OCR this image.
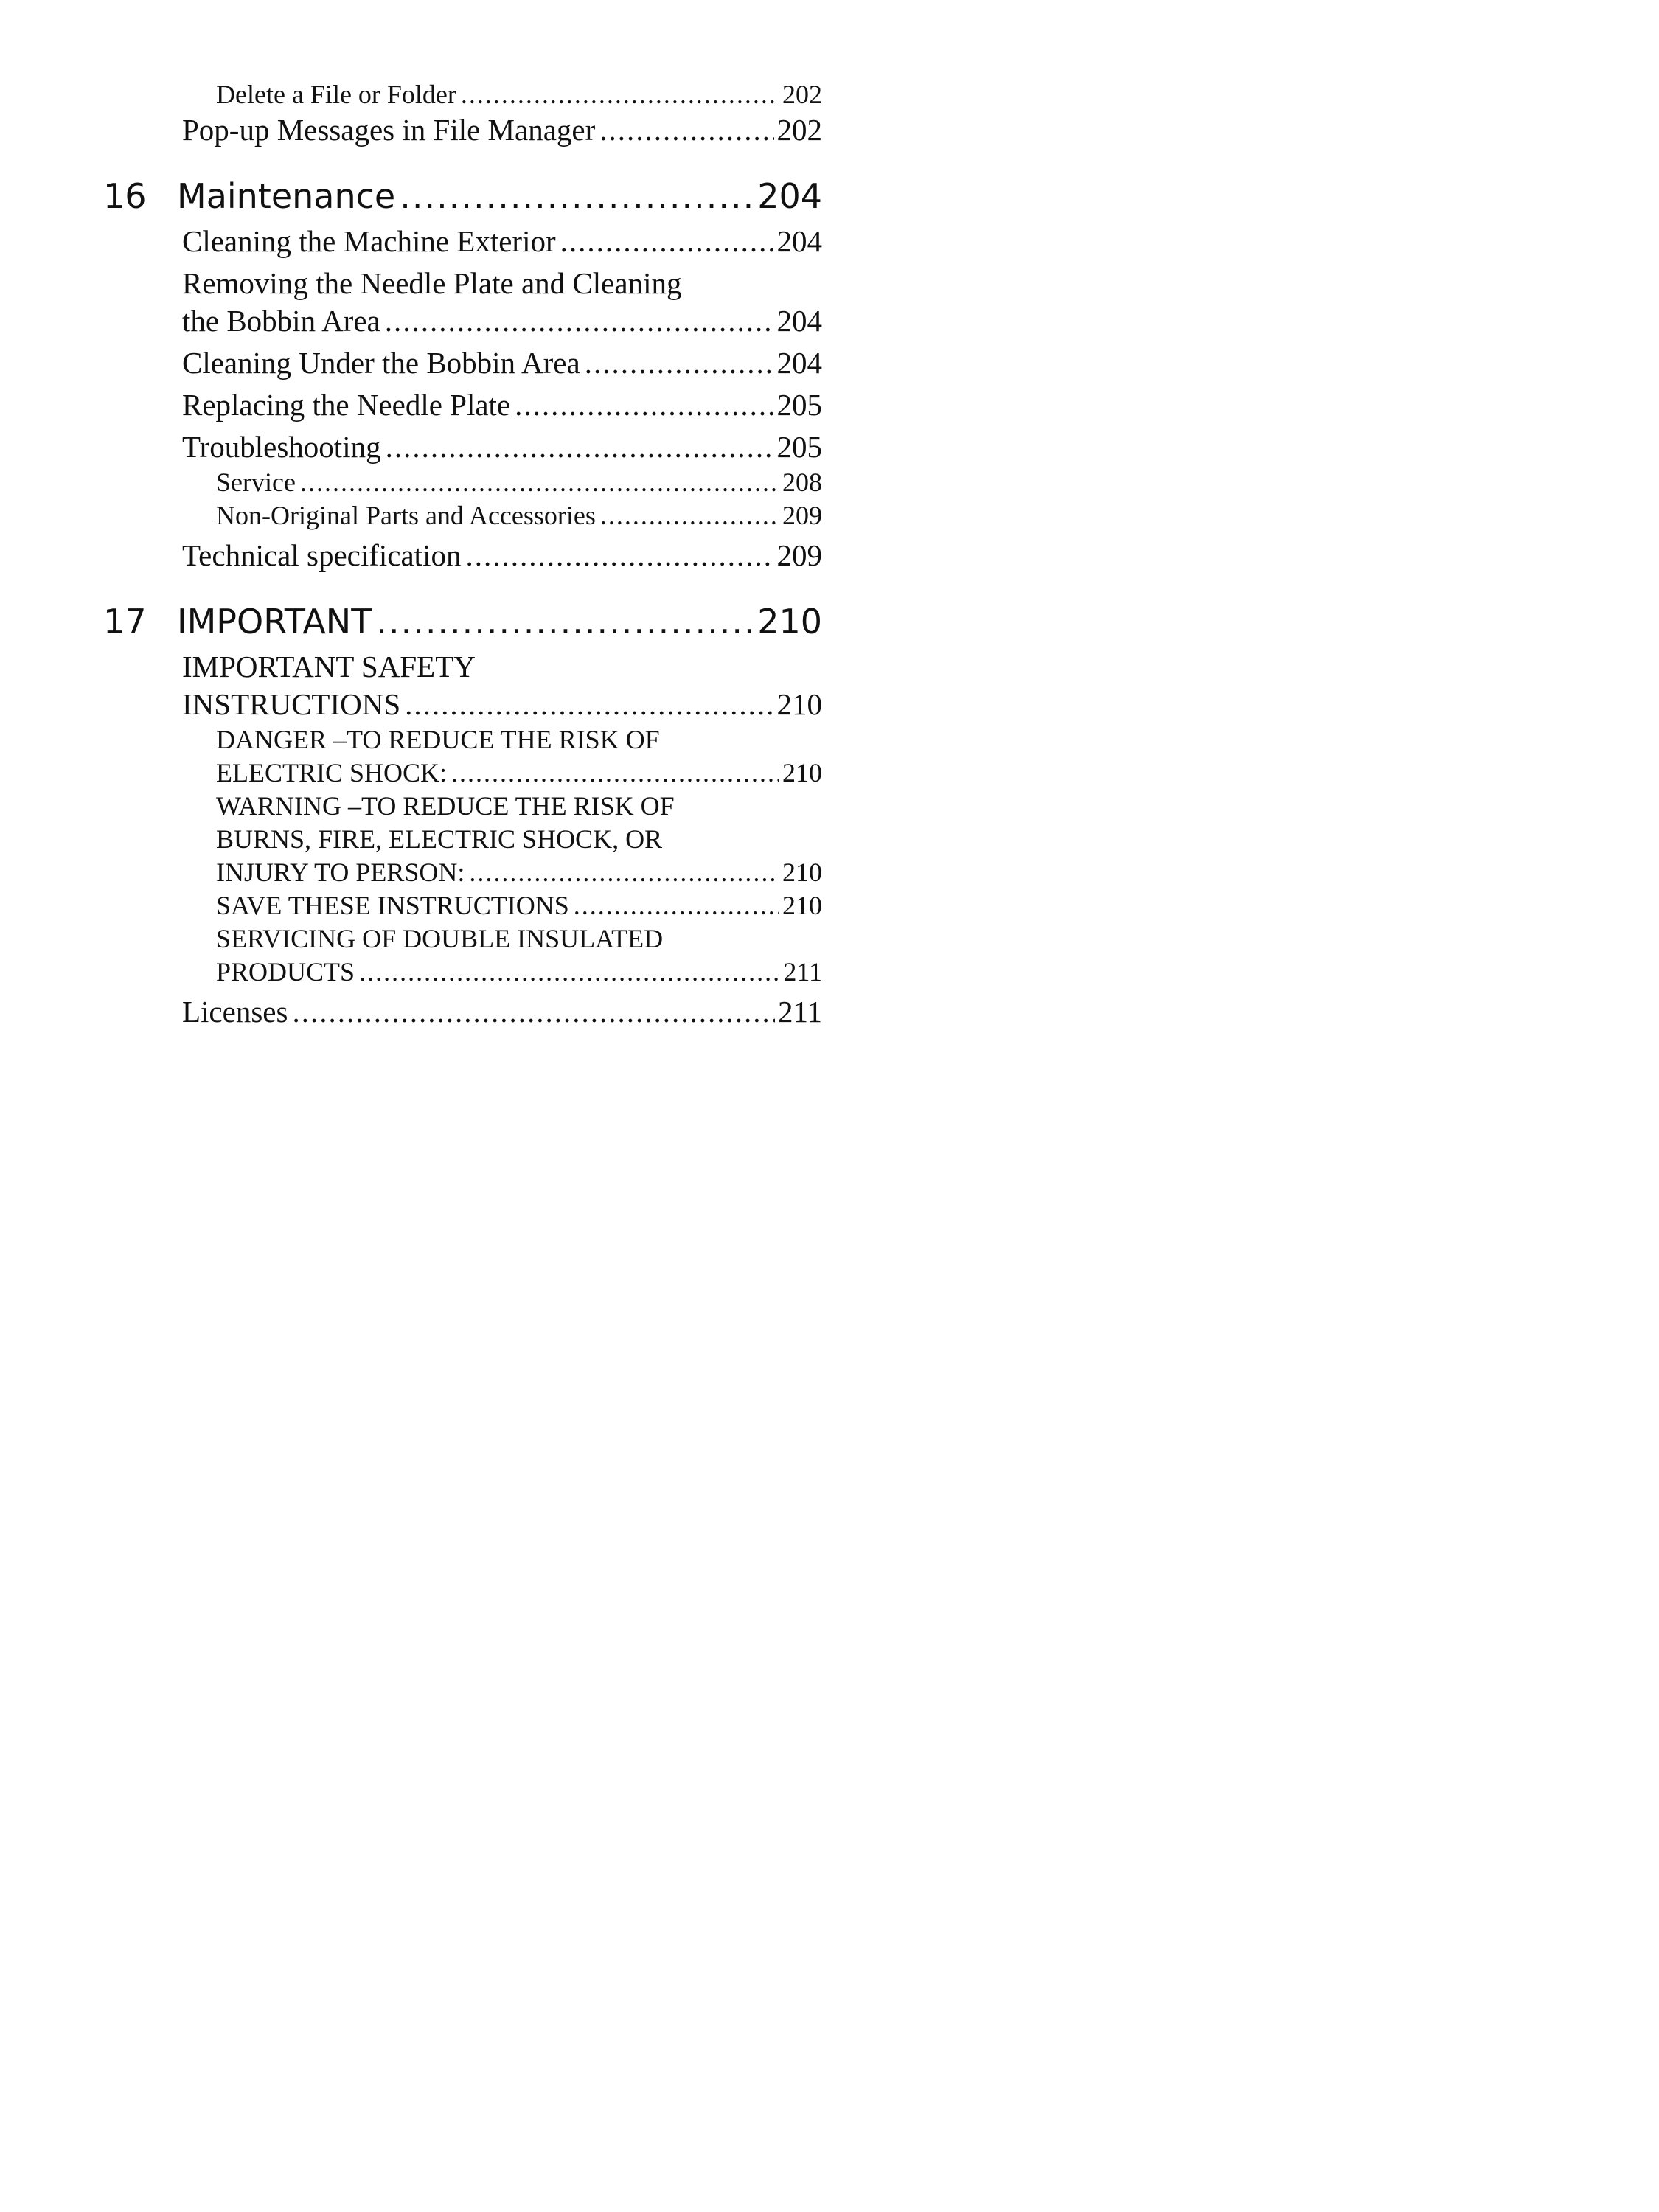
Delete a File or Folder .....	202
Pop-up Messages in File Manager .....	202
16 Maintenance .....	204
Cleaning the Machine Exterior .....	204
Removing the Needle Plate and Cleaning
the Bobbin Area .....	204
Cleaning Under the Bobbin Area .....	204
Replacing the Needle Plate .....	205
Troubleshooting .....	205
Service .....	208
Non-Original Parts and Accessories .....	209
Technical specification .....	209
17 IMPORTANT .....	210
IMPORTANT SAFETY
INSTRUCTIONS .....	210
DANGER –TO REDUCE THE RISK OF
ELECTRIC SHOCK: .....	210
WARNING –TO REDUCE THE RISK OF
BURNS, FIRE, ELECTRIC SHOCK, OR
INJURY TO PERSON: .....	210
SAVE THESE INSTRUCTIONS .....	210
SERVICING OF DOUBLE INSULATED
PRODUCTS .....	211
Licenses .....	211
